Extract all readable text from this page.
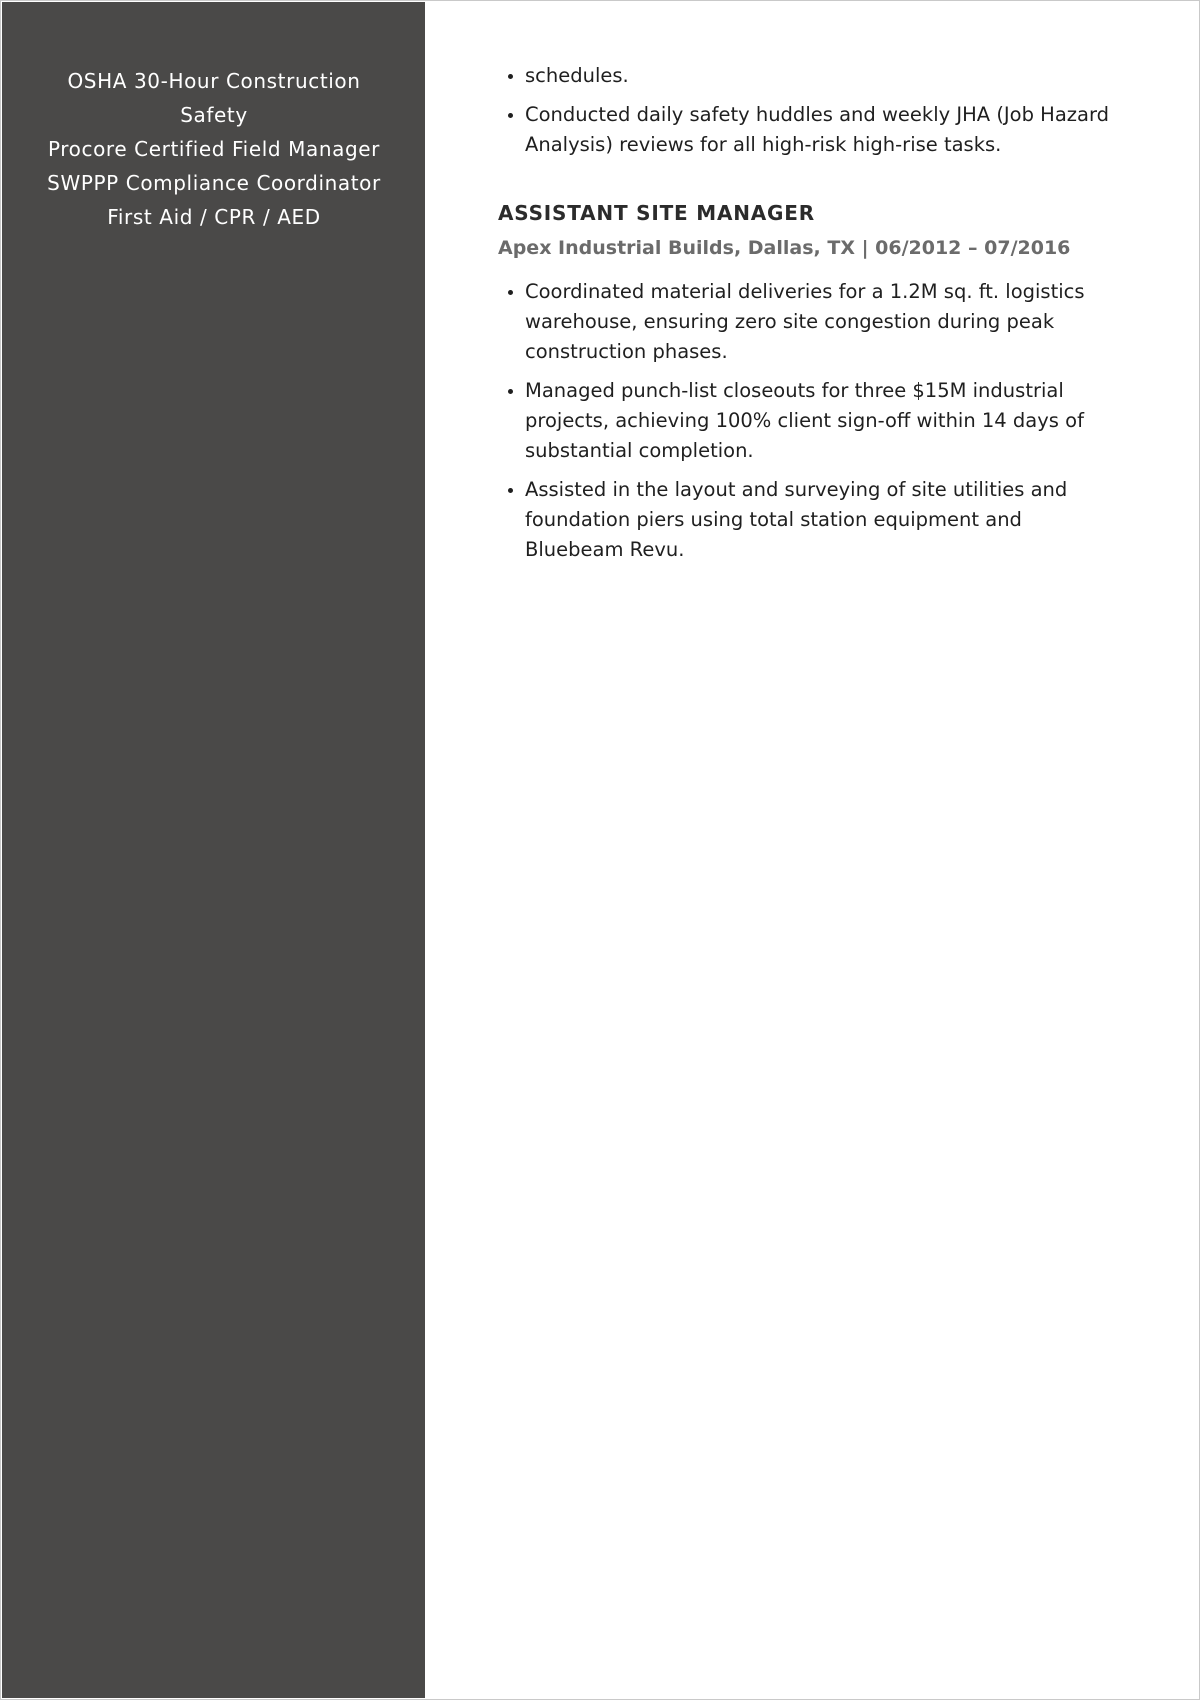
OSHA 30-Hour Construction Safety
Procore Certified Field Manager
SWPPP Compliance Coordinator
First Aid / CPR / AED
• schedules.
• Conducted daily safety huddles and weekly JHA (Job Hazard Analysis) reviews for all high-risk high-rise tasks.
ASSISTANT SITE MANAGER
Apex Industrial Builds, Dallas, TX | 06/2012 – 07/2016
• Coordinated material deliveries for a 1.2M sq. ft. logistics warehouse, ensuring zero site congestion during peak construction phases.
• Managed punch-list closeouts for three $15M industrial projects, achieving 100% client sign-off within 14 days of substantial completion.
• Assisted in the layout and surveying of site utilities and foundation piers using total station equipment and Bluebeam Revu.
